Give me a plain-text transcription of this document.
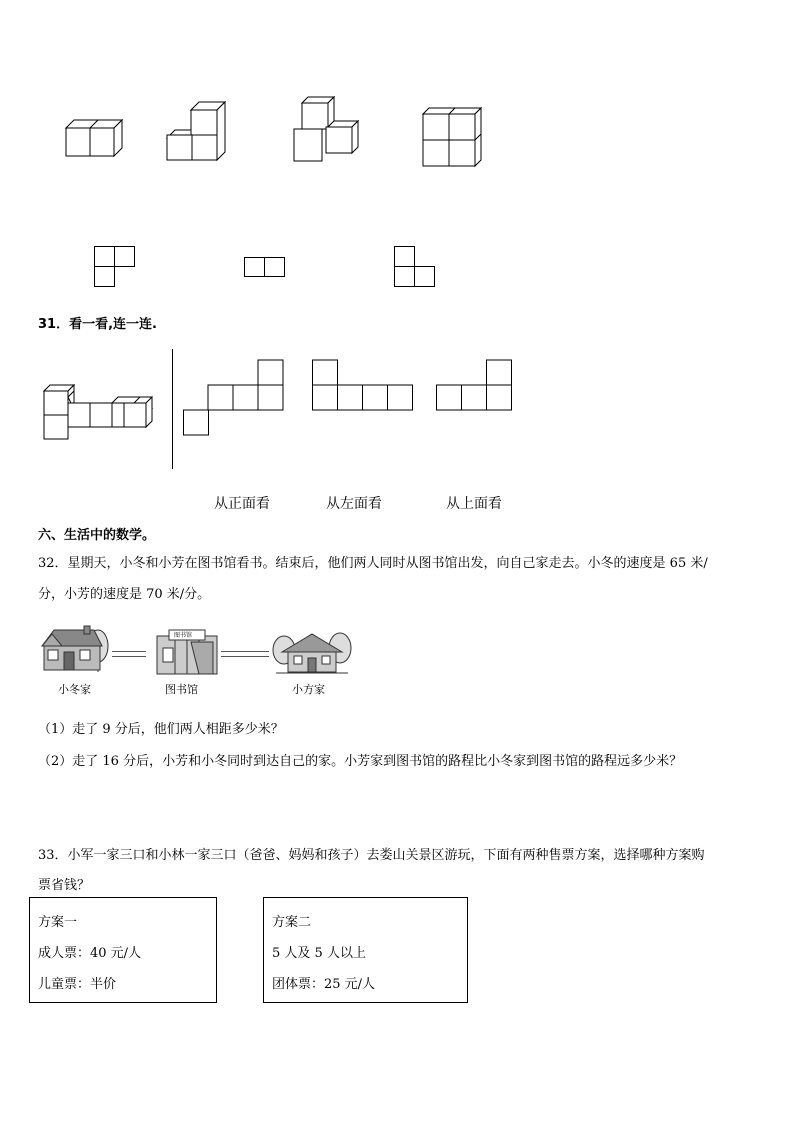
31．看一看,连一连.
从正面看	从左面看	从上面看
六、生活中的数学。
32．星期天，小冬和小芳在图书馆看书。结束后，他们两人同时从图书馆出发，向自己家走去。小冬的速度是 65 米/
分，小芳的速度是 70 米/分。
图书馆
小冬家	图书馆	小方家
（1）走了 9 分后，他们两人相距多少米？
（2）走了 16 分后，小芳和小冬同时到达自己的家。小芳家到图书馆的路程比小冬家到图书馆的路程远多少米？
33．小军一家三口和小林一家三口（爸爸、妈妈和孩子）去娄山关景区游玩，下面有两种售票方案，选择哪种方案购
票省钱？
方案一
成人票：40 元/人
儿童票：半价
方案二
5 人及 5 人以上
团体票：25 元/人
